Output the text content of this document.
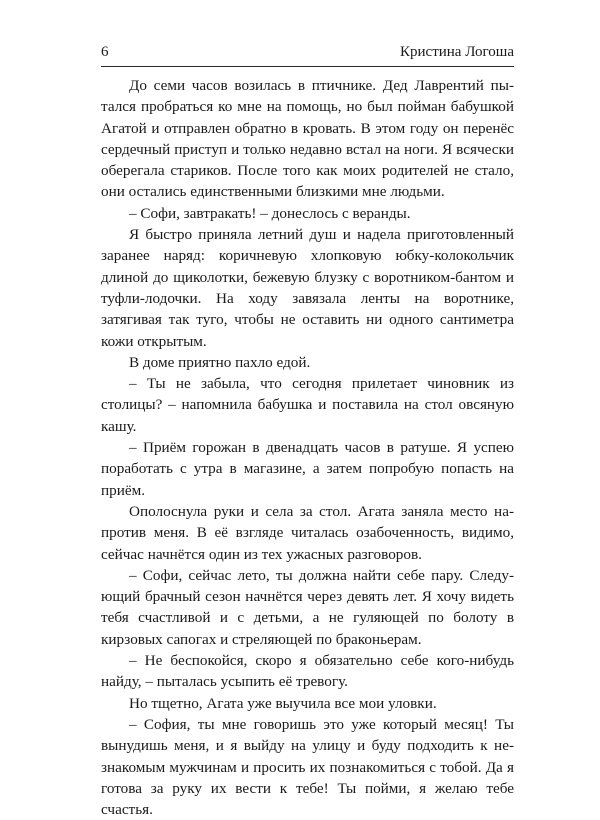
6	Кристина Логоша

До семи часов возилась в птичнике. Дед Лаврентий пытался пробраться ко мне на помощь, но был пойман бабушкой Агатой и отправлен обратно в кровать. В этом году он перенёс сердечный приступ и только недавно встал на ноги. Я всячески оберегала стариков. После того как моих родителей не стало, они остались единственными близкими мне людьми.

– Софи, завтракать! – донеслось с веранды.

Я быстро приняла летний душ и надела приготовленный заранее наряд: коричневую хлопковую юбку-колокольчик длиной до щиколотки, бежевую блузку с воротником-бантом и туфли-лодочки. На ходу завязала ленты на воротнике, затягивая так туго, чтобы не оставить ни одного сантиметра кожи открытым.

В доме приятно пахло едой.

– Ты не забыла, что сегодня прилетает чиновник из столицы? – напомнила бабушка и поставила на стол овсяную кашу.

– Приём горожан в двенадцать часов в ратуше. Я успею поработать с утра в магазине, а затем попробую попасть на приём.

Ополоснула руки и села за стол. Агата заняла место напротив меня. В её взгляде читалась озабоченность, видимо, сейчас начнётся один из тех ужасных разговоров.

– Софи, сейчас лето, ты должна найти себе пару. Следующий брачный сезон начнётся через девять лет. Я хочу видеть тебя счастливой и с детьми, а не гуляющей по болоту в кирзовых сапогах и стреляющей по браконьерам.

– Не беспокойся, скоро я обязательно себе кого-нибудь найду, – пыталась усыпить её тревогу.

Но тщетно, Агата уже выучила все мои уловки.

– София, ты мне говоришь это уже который месяц! Ты вынудишь меня, и я выйду на улицу и буду подходить к незнакомым мужчинам и просить их познакомиться с тобой. Да я готова за руку их вести к тебе! Ты пойми, я желаю тебе счастья.
